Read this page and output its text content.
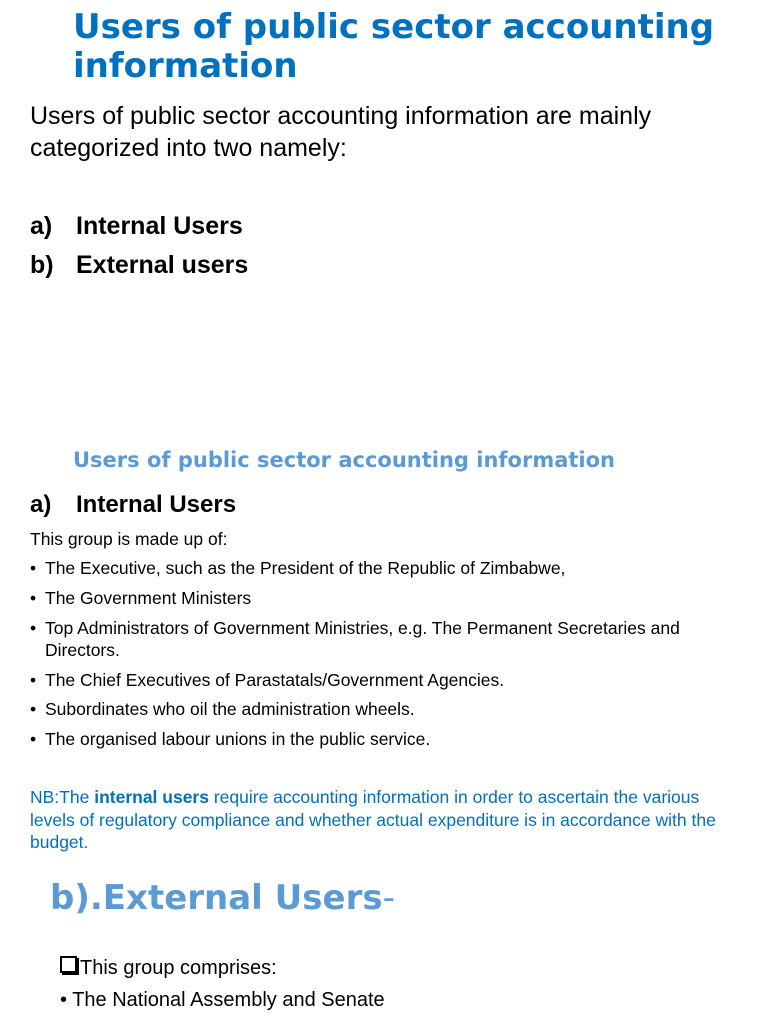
Users of public sector accounting information

Users of public sector accounting information are mainly categorized into two namely:

a) Internal Users

b) External users

Users of public sector accounting information

a) Internal Users

This group is made up of:

• The Executive, such as the President of the Republic of Zimbabwe,
• The Government Ministers
• Top Administrators of Government Ministries, e.g. The Permanent Secretaries and Directors.
• The Chief Executives of Parastatals/Government Agencies.
• Subordinates who oil the administration wheels.
• The organised labour unions in the public service.

NB:The internal users require accounting information in order to ascertain the various levels of regulatory compliance and whether actual expenditure is in accordance with the budget.

b).External Users-

This group comprises:

• The National Assembly and Senate
